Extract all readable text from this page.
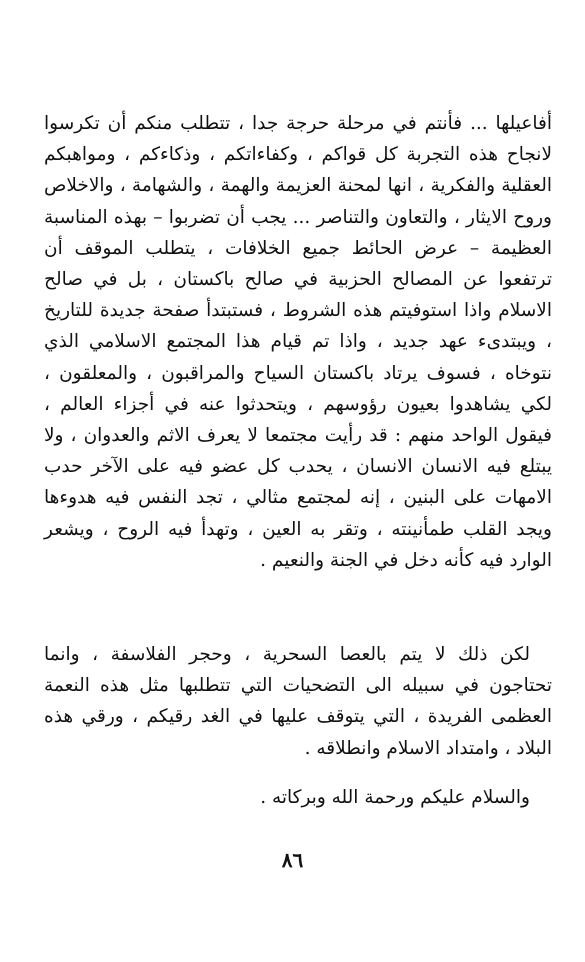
أفاعيلها ... فأنتم في مرحلة حرجة جدا ، تتطلب منكم أن تكرسوا لانجاح هذه التجربة كل قواكم ، وكفاءاتكم ، وذكاءكم ، ومواهبكم العقلية والفكرية ، انها لمحنة العزيمة والهمة ، والشهامة ، والاخلاص وروح الايثار ، والتعاون والتناصر ... يجب أن تضربوا – بهذه المناسبة العظيمة – عرض الحائط جميع الخلافات ، يتطلب الموقف أن ترتفعوا عن المصالح الحزبية في صالح باكستان ، بل في صالح الاسلام واذا استوفيتم هذه الشروط ، فستبتدأ صفحة جديدة للتاريخ ، ويبتدىء عهد جديد ، واذا تم قيام هذا المجتمع الاسلامي الذي نتوخاه ، فسوف يرتاد باكستان السياح والمراقبون ، والمعلقون ، لكي يشاهدوا بعيون رؤوسهم ، ويتحدثوا عنه في أجزاء العالم ، فيقول الواحد منهم : قد رأيت مجتمعا لا يعرف الاثم والعدوان ، ولا يبتلع فيه الانسان الانسان ، يحدب كل عضو فيه على الآخر حدب الامهات على البنين ، إنه لمجتمع مثالي ، تجد النفس فيه هدوءها ويجد القلب طمأنينته ، وتقر به العين ، وتهدأ فيه الروح ، ويشعر الوارد فيه كأنه دخل في الجنة والنعيم .

لكن ذلك لا يتم بالعصا السحرية ، وحجر الفلاسفة ، وانما تحتاجون في سبيله الى التضحيات التي تتطلبها مثل هذه النعمة العظمى الفريدة ، التي يتوقف عليها في الغد رقيكم ، ورقي هذه البلاد ، وامتداد الاسلام وانطلاقه .

والسلام عليكم ورحمة الله وبركاته .

٨٦
